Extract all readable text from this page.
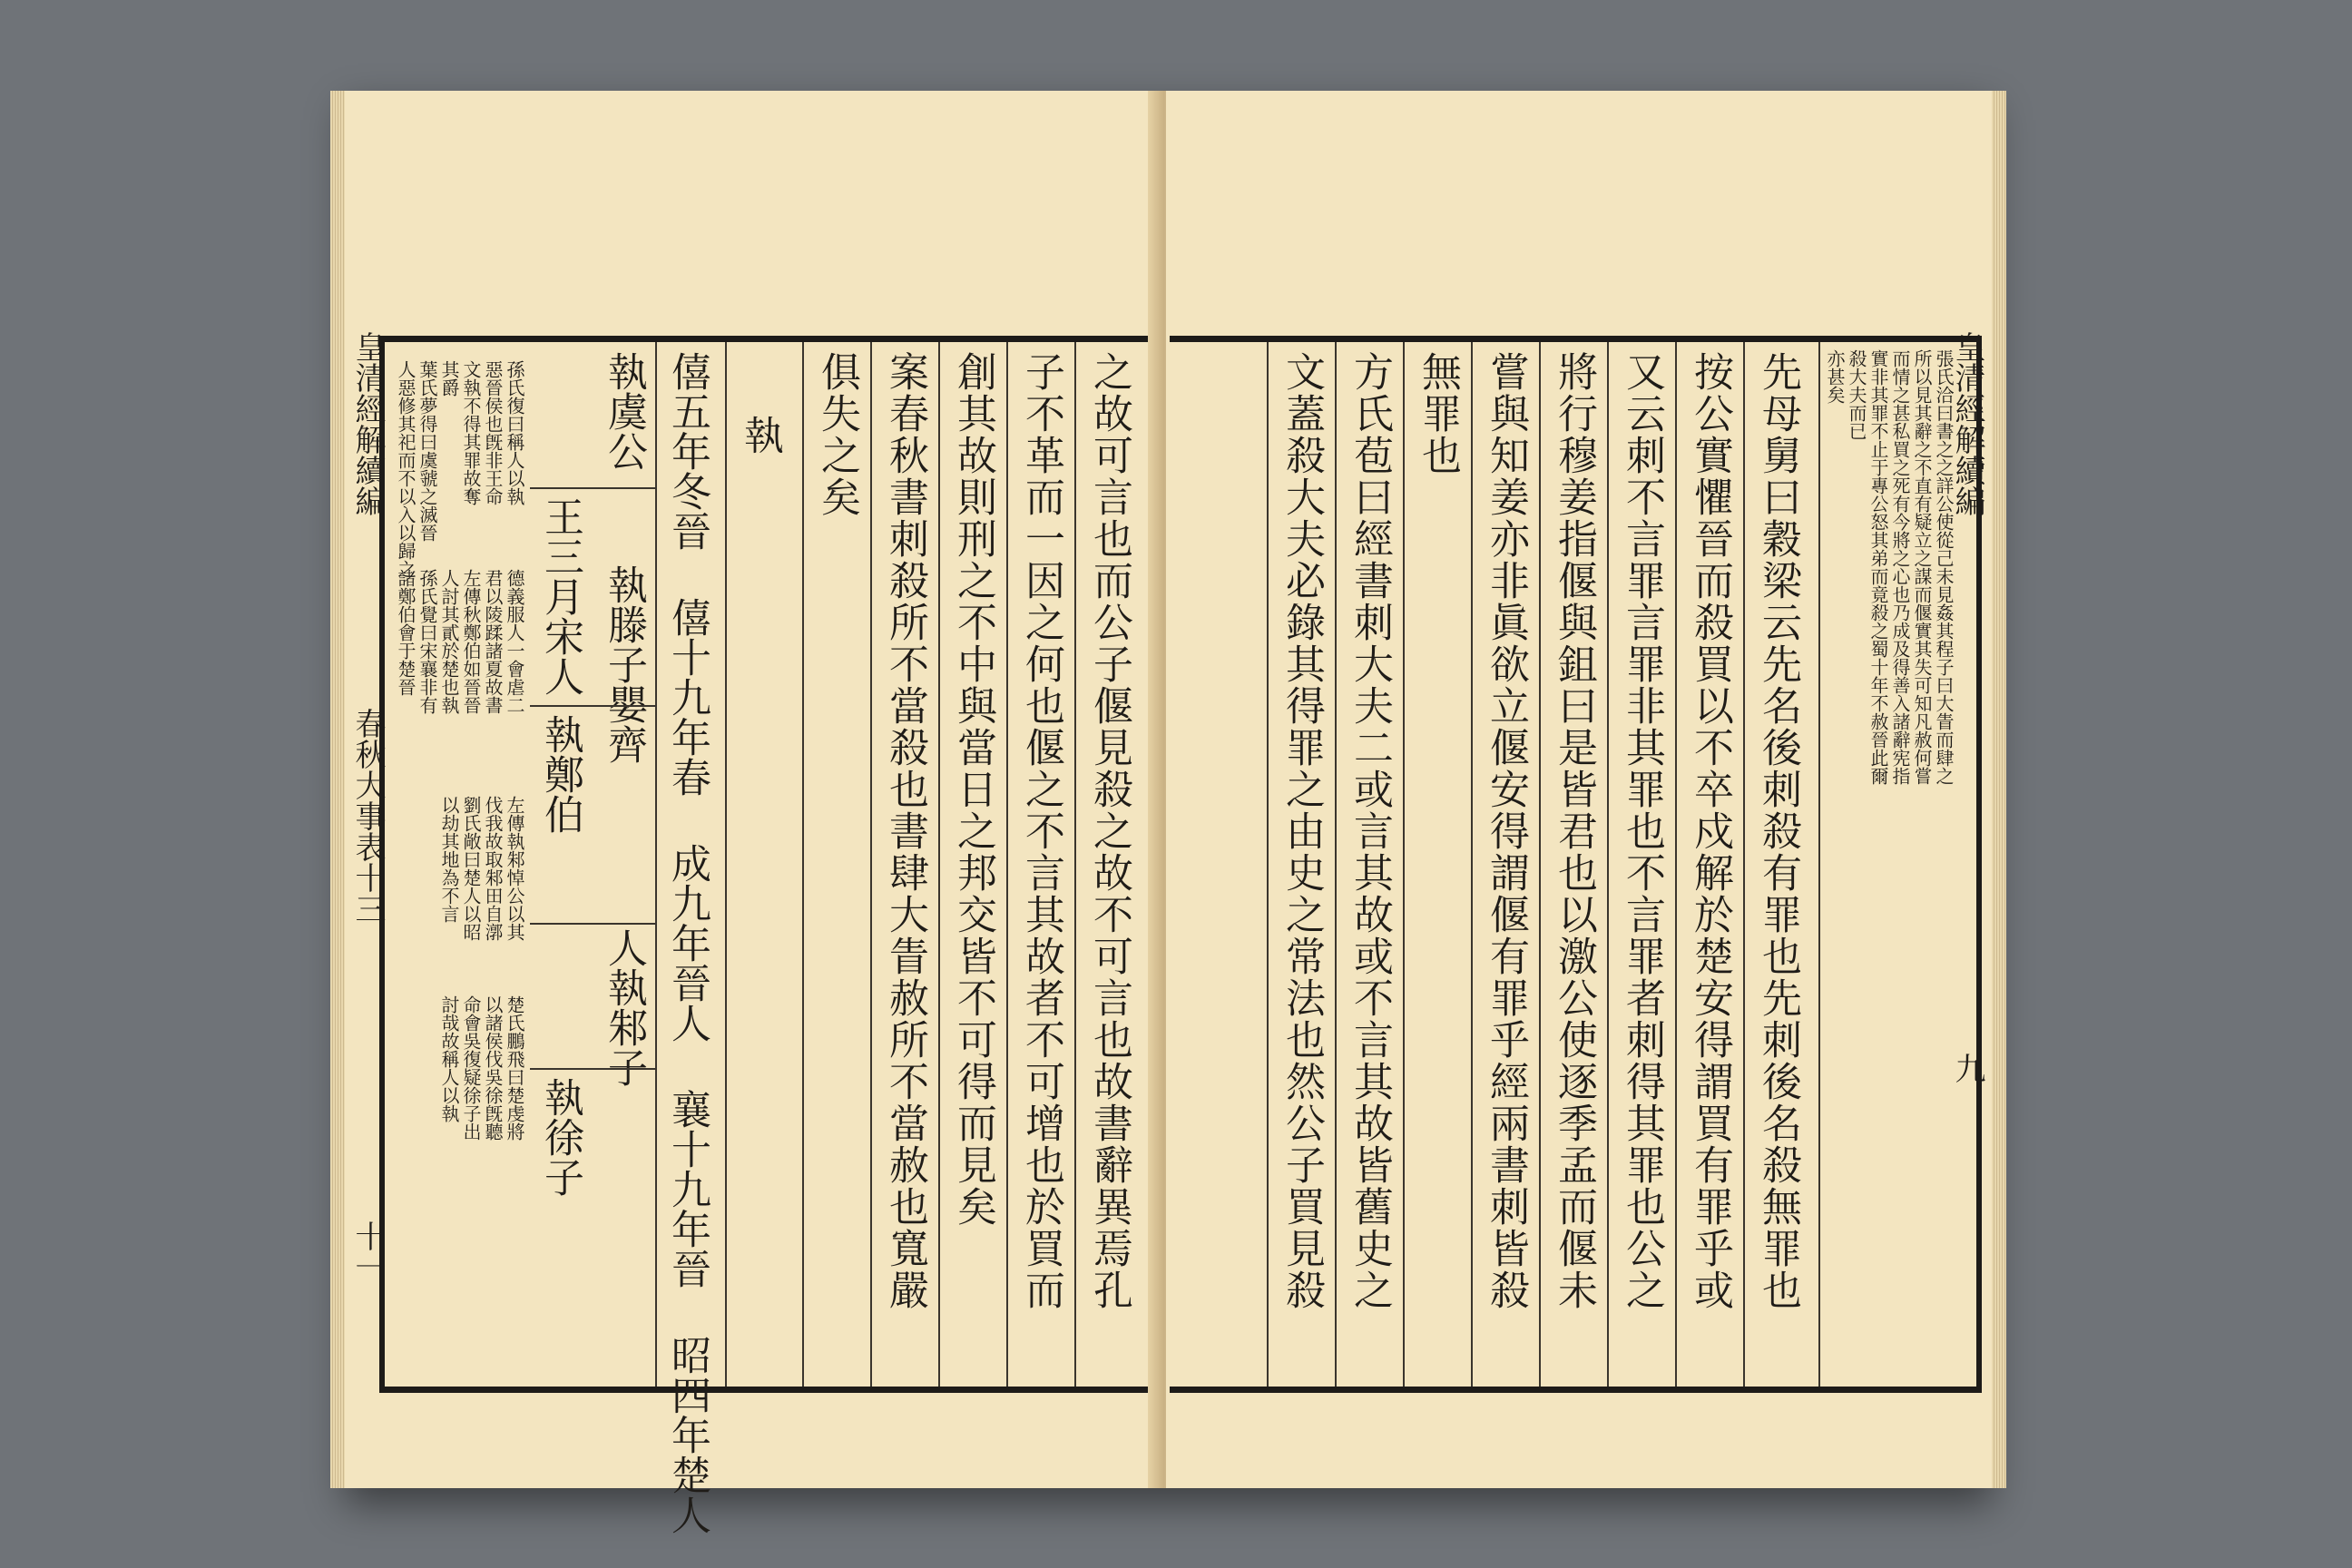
皇清經解續編
春秋大事表十三
十一	之故可言也而公子偃見殺之故不可言也故書辭異焉孔
子不革而一因之何也偃之不言其故者不可增也於買而
創其故則刑之不中與當日之邦交皆不可得而見矣
案春秋書刺殺所不當殺也書肆大眚赦所不當赦也寬嚴
俱失之矣
執
僖五年冬晉 僖十九年春 成九年晉人 襄十九年晉 昭四年楚人
執虞公
執滕子嬰齊
人執邾子
王三月宋人
執鄭伯
執徐子
孫氏復曰稱人以執
惡晉侯也旣非王命
文執不得其罪故奪
其爵
葉氏夢得曰虞虢之滅晉
人惡修其祀而不以入以歸之
德義服人一會虐二
君以陵蹂諸夏故書
左傳秋鄭伯如晉晉
人討其貳於楚也執
孫氏覺曰宋襄非有
諸鄭伯會于楚晉
左傳執邾悼公以其
伐我故取邾田自漷
劉氏敞曰楚人以昭
以劫其地為不言
楚氏鵬飛曰楚虔將
以諸侯伐吳徐旣聽
命會吳復疑徐子出
討哉故稱人以執
皇清經解續編
九
張氏洽曰書之之詳公使從己未見姦其程子曰大眚而肆之
所以見其辭之不直有疑立之謀而偃實其失可知凡赦何嘗
而情之甚私買之死有今將之心也乃成及得善入諸辭宪指
實非其罪不止于專公怒其弟而竟殺之蜀十年不赦晉此爾
殺大夫而已
亦甚矣
先母舅曰穀梁云先名後刺殺有罪也先刺後名殺無罪也
按公實懼晉而殺買以不卒戍解於楚安得謂買有罪乎或
又云刺不言罪言罪非其罪也不言罪者刺得其罪也公之
將行穆姜指偃與鉏曰是皆君也以激公使逐季孟而偃未
嘗與知姜亦非眞欲立偃安得謂偃有罪乎經兩書刺皆殺
無罪也
方氏苞曰經書刺大夫二或言其故或不言其故皆舊史之
文蓋殺大夫必錄其得罪之由史之常法也然公子買見殺
